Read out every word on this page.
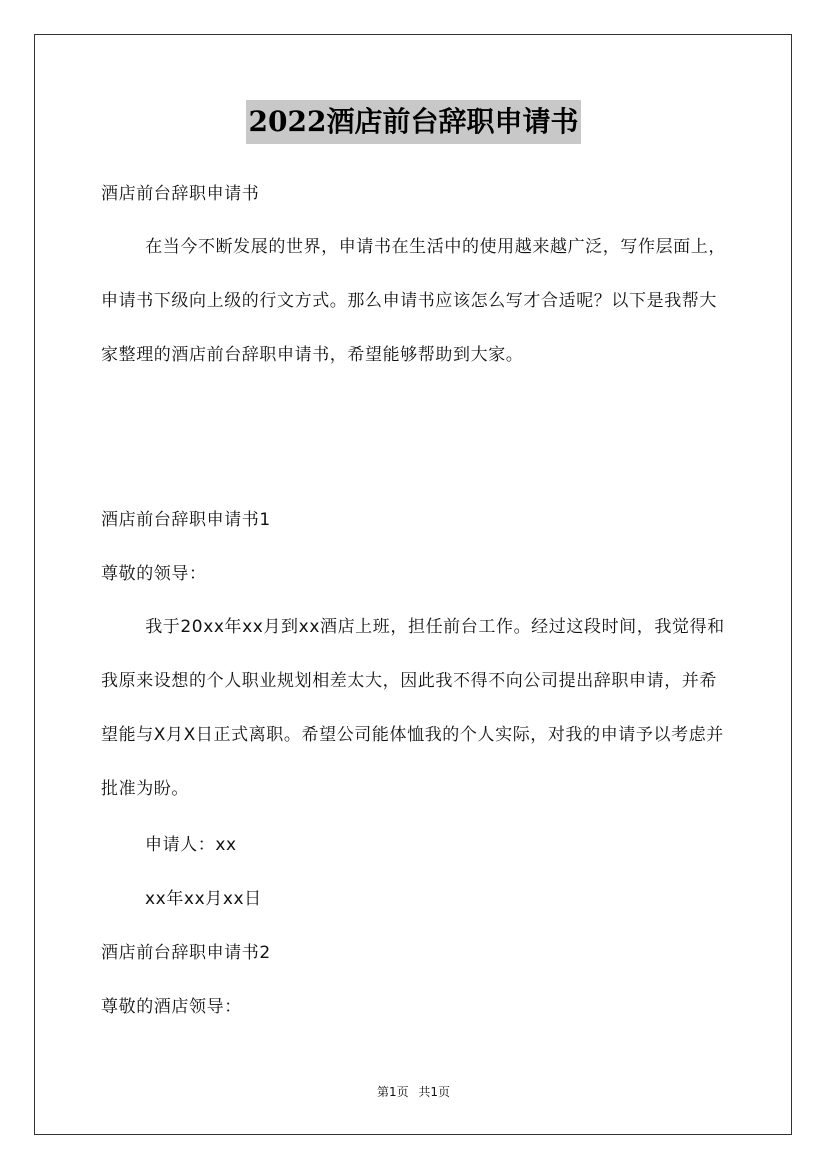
2022酒店前台辞职申请书
酒店前台辞职申请书
在当今不断发展的世界，申请书在生活中的使用越来越广泛，写作层面上，申请书下级向上级的行文方式。那么申请书应该怎么写才合适呢？以下是我帮大家整理的酒店前台辞职申请书，希望能够帮助到大家。
酒店前台辞职申请书1
尊敬的领导：
我于20xx年xx月到xx酒店上班，担任前台工作。经过这段时间，我觉得和我原来设想的个人职业规划相差太大，因此我不得不向公司提出辞职申请，并希望能与X月X日正式离职。希望公司能体恤我的个人实际，对我的申请予以考虑并批准为盼。
申请人：xx
xx年xx月xx日
酒店前台辞职申请书2
尊敬的酒店领导：
第1页 共1页
